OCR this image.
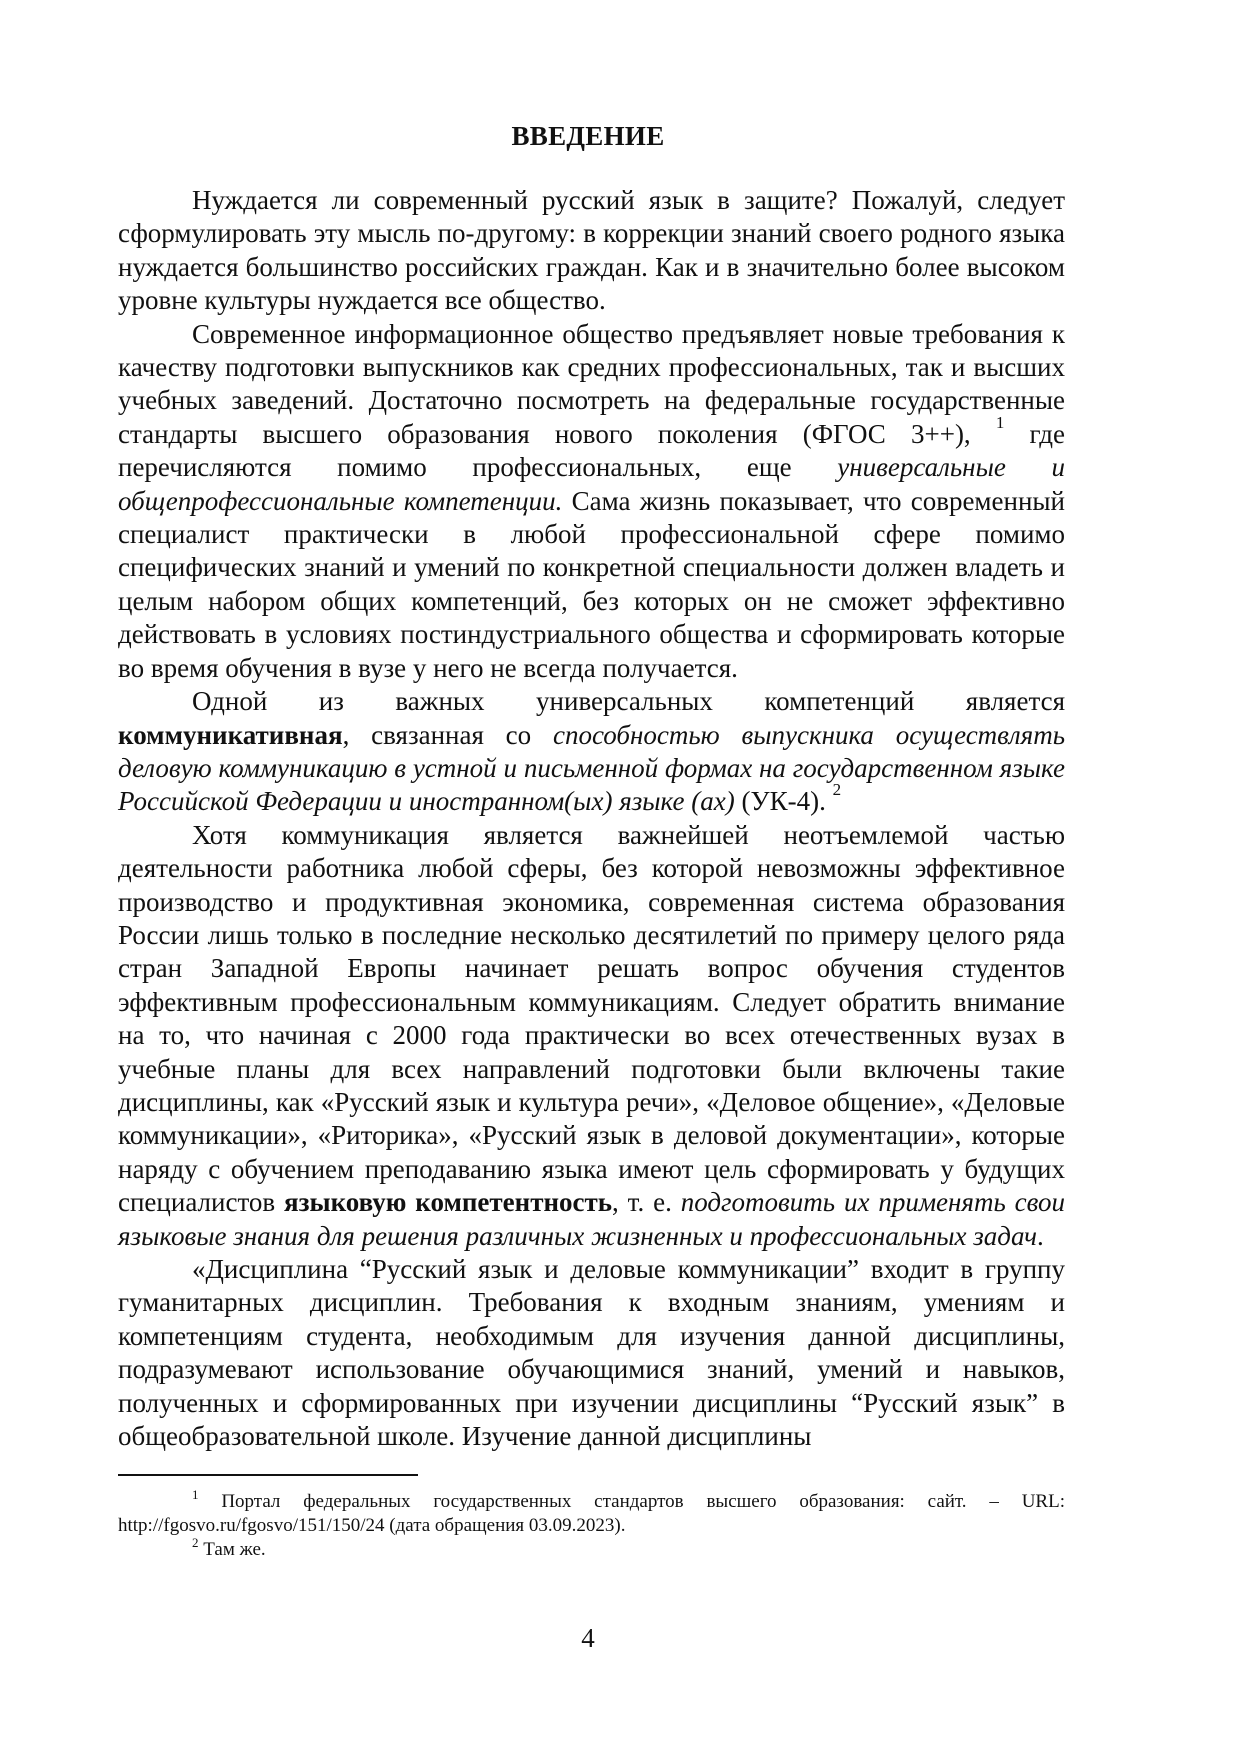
ВВЕДЕНИЕ

Нуждается ли современный русский язык в защите? Пожалуй, следует сформулировать эту мысль по-другому: в коррекции знаний своего родного языка нуждается большинство российских граждан. Как и в значительно более высоком уровне культуры нуждается все общество.

Современное информационное общество предъявляет новые требования к качеству подготовки выпускников как средних профессиональных, так и высших учебных заведений. Достаточно посмотреть на федеральные государственные стандарты высшего образования нового поколения (ФГОС 3++), $^1$ где перечисляются помимо профессиональных, еще универсальные и общепрофессиональные компетенции. Сама жизнь показывает, что современный специалист практически в любой профессиональной сфере помимо специфических знаний и умений по конкретной специальности должен владеть и целым набором общих компетенций, без которых он не сможет эффективно действовать в условиях постиндустриального общества и сформировать которые во время обучения в вузе у него не всегда получается.

Одной из важных универсальных компетенций является коммуникативная, связанная со способностью выпускника осуществлять деловую коммуникацию в устной и письменной формах на государственном языке Российской Федерации и иностранном(ых) языке (ах) (УК-4). $^2$

Хотя коммуникация является важнейшей неотъемлемой частью деятельности работника любой сферы, без которой невозможны эффективное производство и продуктивная экономика, современная система образования России лишь только в последние несколько десятилетий по примеру целого ряда стран Западной Европы начинает решать вопрос обучения студентов эффективным профессиональным коммуникациям. Следует обратить внимание на то, что начиная с 2000 года практически во всех отечественных вузах в учебные планы для всех направлений подготовки были включены такие дисциплины, как «Русский язык и культура речи», «Деловое общение», «Деловые коммуникации», «Риторика», «Русский язык в деловой документации», которые наряду с обучением преподаванию языка имеют цель сформировать у будущих специалистов языковую компетентность, т. е. подготовить их применять свои языковые знания для решения различных жизненных и профессиональных задач.

«Дисциплина “Русский язык и деловые коммуникации” входит в группу гуманитарных дисциплин. Требования к входным знаниям, умениям и компетенциям студента, необходимым для изучения данной дисциплины, подразумевают использование обучающимися знаний, умений и навыков, полученных и сформированных при изучении дисциплины “Русский язык” в общеобразовательной школе. Изучение данной дисциплины

$^1$ Портал федеральных государственных стандартов высшего образования: сайт. – URL: http://fgosvo.ru/fgosvo/151/150/24 (дата обращения 03.09.2023).

$^2$ Там же.

4
